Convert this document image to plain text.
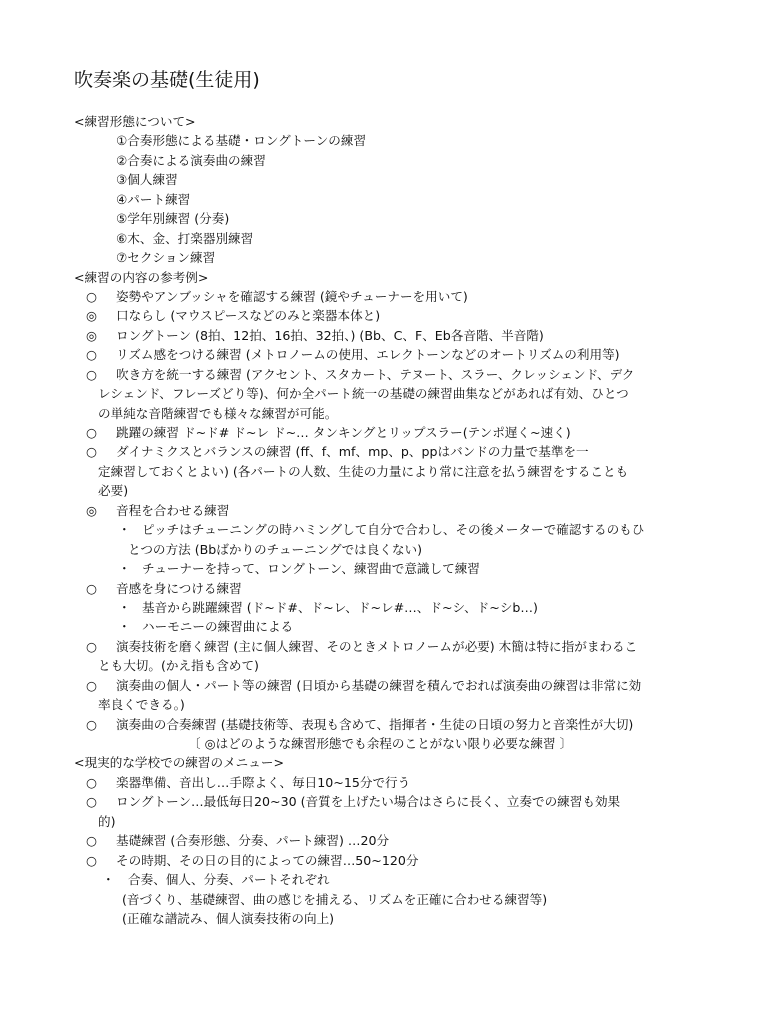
吹奏楽の基礎(生徒用)
<練習形態について>
①合奏形態による基礎・ロングトーンの練習
②合奏による演奏曲の練習
③個人練習
④パート練習
⑤学年別練習 (分奏)
⑥木、金、打楽器別練習
⑦セクション練習
<練習の内容の参考例>
○ 姿勢やアンブッシャを確認する練習 (鏡やチューナーを用いて)
◎ 口ならし (マウスピースなどのみと楽器本体と)
◎ ロングトーン (8拍、12拍、16拍、32拍、) (Bb、C、F、Eb各音階、半音階)
○ リズム感をつける練習 (メトロノームの使用、エレクトーンなどのオートリズムの利用等)
○ 吹き方を統一する練習 (アクセント、スタカート、テヌート、スラー、クレッシェンド、デク
レシェンド、フレーズどり等)、何か全パート統一の基礎の練習曲集などがあれば有効、ひとつ
の単純な音階練習でも様々な練習が可能。
○ 跳躍の練習 ド~ド# ド~レ ド~… タンキングとリップスラー(テンポ遅く~速く)
○ ダイナミクスとバランスの練習 (ff、f、mf、mp、p、ppはバンドの力量で基準を一
定練習しておくとよい) (各パートの人数、生徒の力量により常に注意を払う練習をすることも
必要)
◎ 音程を合わせる練習
・ ピッチはチューニングの時ハミングして自分で合わし、その後メーターで確認するのもひ
とつの方法 (Bbばかりのチューニングでは良くない)
・ チューナーを持って、ロングトーン、練習曲で意識して練習
○ 音感を身につける練習
・ 基音から跳躍練習 (ド~ド#、ド~レ、ド~レ#…、ド~シ、ド~シb…)
・ ハーモニーの練習曲による
○ 演奏技術を磨く練習 (主に個人練習、そのときメトロノームが必要) 木簡は特に指がまわるこ
とも大切。(かえ指も含めて)
○ 演奏曲の個人・パート等の練習 (日頃から基礎の練習を積んでおれば演奏曲の練習は非常に効
率良くできる。)
○ 演奏曲の合奏練習 (基礎技術等、表現も含めて、指揮者・生徒の日頃の努力と音楽性が大切)
〔 ◎はどのような練習形態でも余程のことがない限り必要な練習 〕
<現実的な学校での練習のメニュー>
○ 楽器準備、音出し…手際よく、毎日10~15分で行う
○ ロングトーン…最低毎日20~30 (音質を上げたい場合はさらに長く、立奏での練習も効果
的)
○ 基礎練習 (合奏形態、分奏、パート練習) …20分
○ その時期、その日の目的によっての練習…50~120分
・ 合奏、個人、分奏、パートそれぞれ
(音づくり、基礎練習、曲の感じを捕える、リズムを正確に合わせる練習等)
(正確な譜読み、個人演奏技術の向上)
